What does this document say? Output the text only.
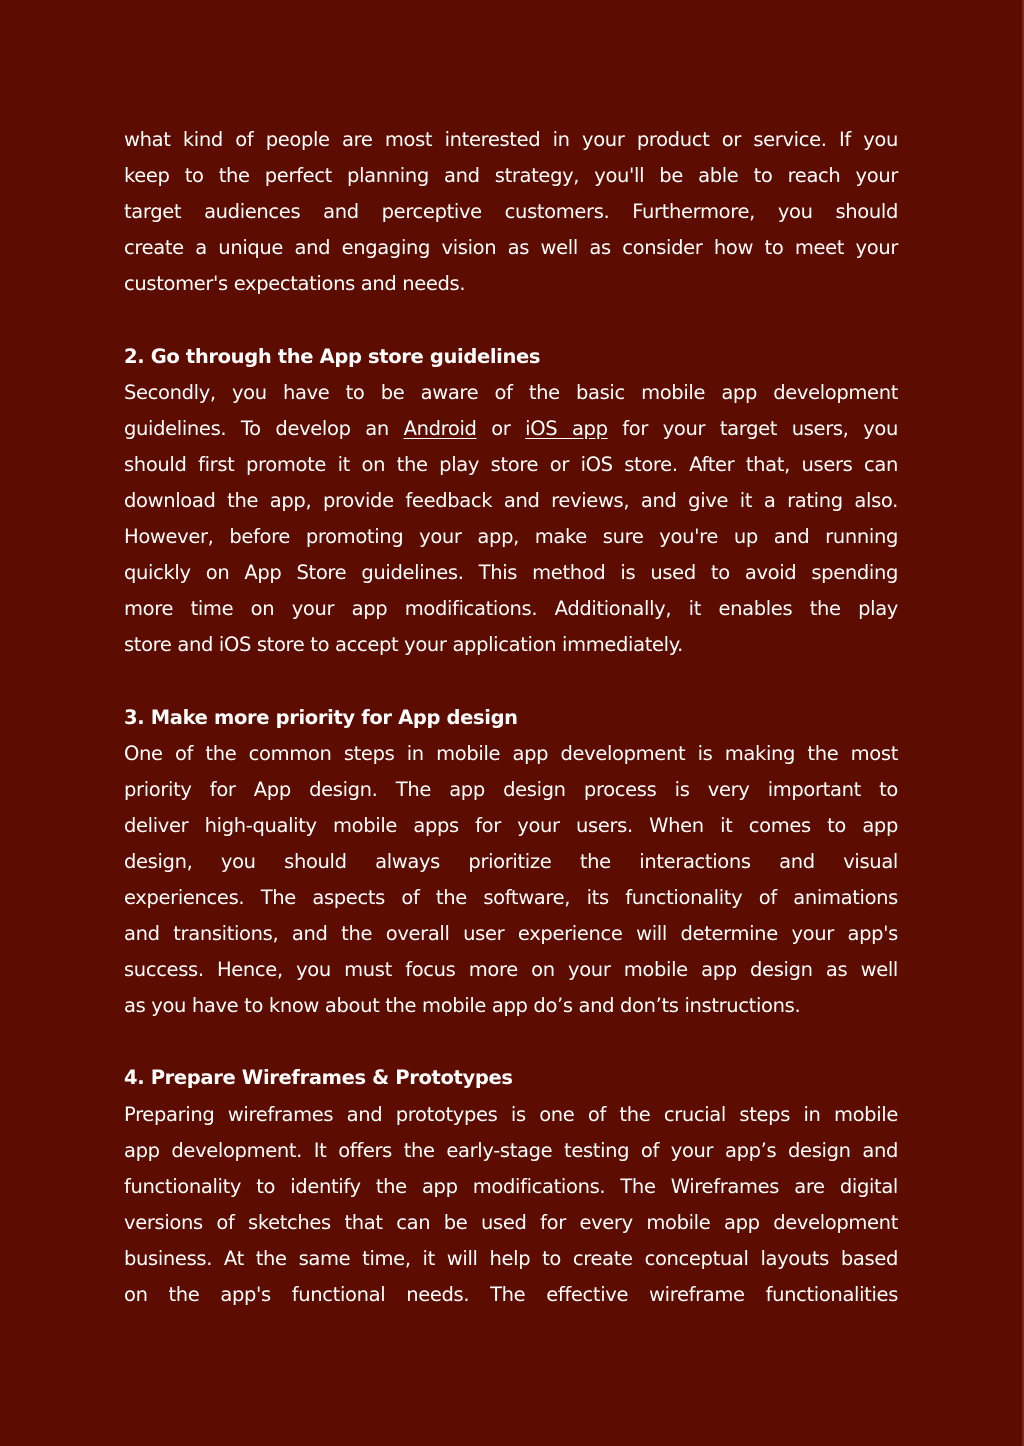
what kind of people are most interested in your product or service. If you
keep to the perfect planning and strategy, you'll be able to reach your
target audiences and perceptive customers. Furthermore, you should
create a unique and engaging vision as well as consider how to meet your
customer's expectations and needs.
2. Go through the App store guidelines
Secondly, you have to be aware of the basic mobile app development
guidelines. To develop an Android or iOS app for your target users, you
should first promote it on the play store or iOS store. After that, users can
download the app, provide feedback and reviews, and give it a rating also.
However, before promoting your app, make sure you're up and running
quickly on App Store guidelines. This method is used to avoid spending
more time on your app modifications. Additionally, it enables the play
store and iOS store to accept your application immediately.
3. Make more priority for App design
One of the common steps in mobile app development is making the most
priority for App design. The app design process is very important to
deliver high-quality mobile apps for your users. When it comes to app
design, you should always prioritize the interactions and visual
experiences. The aspects of the software, its functionality of animations
and transitions, and the overall user experience will determine your app's
success. Hence, you must focus more on your mobile app design as well
as you have to know about the mobile app do’s and don’ts instructions.
4. Prepare Wireframes & Prototypes
Preparing wireframes and prototypes is one of the crucial steps in mobile
app development. It offers the early-stage testing of your app’s design and
functionality to identify the app modifications. The Wireframes are digital
versions of sketches that can be used for every mobile app development
business. At the same time, it will help to create conceptual layouts based
on the app's functional needs. The effective wireframe functionalities
